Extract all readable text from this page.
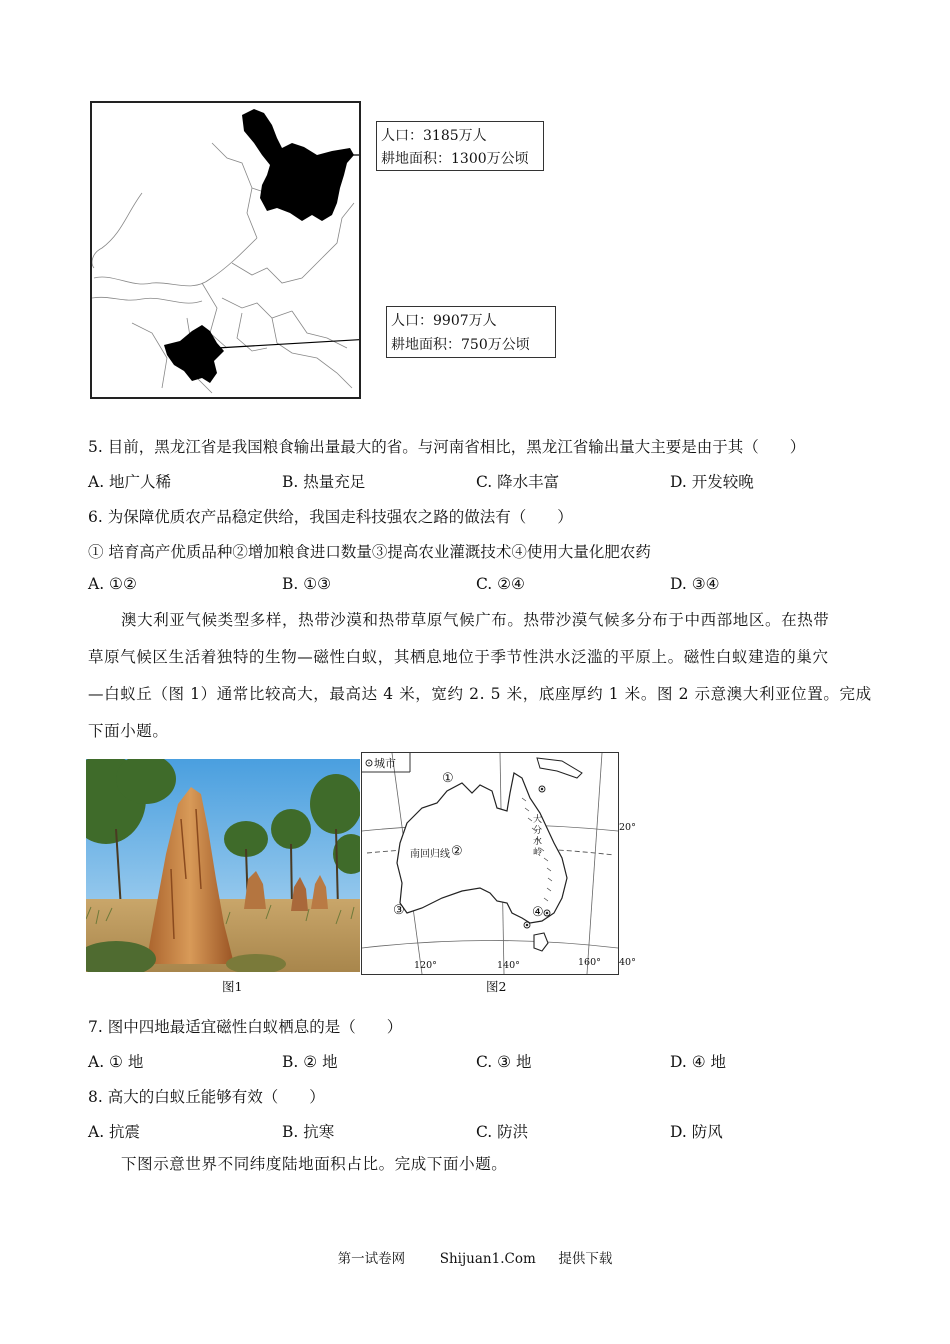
人口：3185万人
耕地面积：1300万公顷
人口：9907万人
耕地面积：750万公顷
5. 目前，黑龙江省是我国粮食输出量最大的省。与河南省相比，黑龙江省输出量大主要是由于其（　　）
A. 地广人稀	B. 热量充足	C. 降水丰富	D. 开发较晚
6. 为保障优质农产品稳定供给，我国走科技强农之路的做法有（　　）
① 培育高产优质品种②增加粮食进口数量③提高农业灌溉技术④使用大量化肥农药
A. ①②	B. ①③	C. ②④	D. ③④
澳大利亚气候类型多样，热带沙漠和热带草原气候广布。热带沙漠气候多分布于中西部地区。在热带
草原气候区生活着独特的生物—磁性白蚁，其栖息地位于季节性洪水泛滥的平原上。磁性白蚁建造的巢穴
—白蚁丘（图 1）通常比较高大，最高达 4 米，宽约 2. 5 米，底座厚约 1 米。图 2 示意澳大利亚位置。完成
下面小题。
图1
城市
①
南回归线 ②
③	④
大 分 水 岭
120°	140°	160°
20°
40°
图2
7. 图中四地最适宜磁性白蚁栖息的是（　　）
A. ① 地	B. ② 地	C. ③ 地	D. ④ 地
8. 高大的白蚁丘能够有效（　　）
A. 抗震	B. 抗寒	C. 防洪	D. 防风
下图示意世界不同纬度陆地面积占比。完成下面小题。
第一试卷网	Shijuan1.Com 提供下载
